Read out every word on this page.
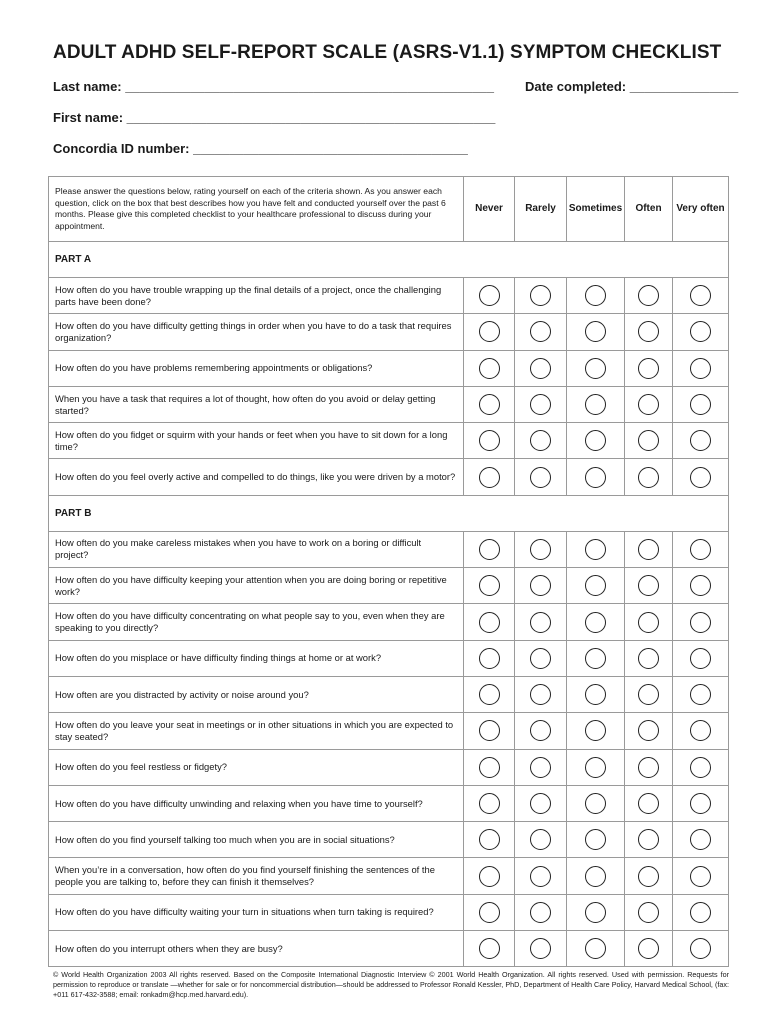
ADULT ADHD SELF-REPORT SCALE (ASRS-V1.1) SYMPTOM CHECKLIST
Last name: ___________________________________________________ Date completed: _______________
First name: ___________________________________________________
Concordia ID number: ______________________________________
Please answer the questions below, rating yourself on each of the criteria shown. As you answer each question, click on the box that best describes how you have felt and conducted yourself over the past 6 months. Please give this completed checklist to your healthcare professional to discuss during your appointment.	Never	Rarely	Sometimes	Often	Very often
PART A					
How often do you have trouble wrapping up the final details of a project, once the challenging parts have been done?					
How often do you have difficulty getting things in order when you have to do a task that requires organization?					
How often do you have problems remembering appointments or obligations?					
When you have a task that requires a lot of thought, how often do you avoid or delay getting started?					
How often do you fidget or squirm with your hands or feet when you have to sit down for a long time?					
How often do you feel overly active and compelled to do things, like you were driven by a motor?					
PART B					
How often do you make careless mistakes when you have to work on a boring or difficult project?					
How often do you have difficulty keeping your attention when you are doing boring or repetitive work?					
How often do you have difficulty concentrating on what people say to you, even when they are speaking to you directly?					
How often do you misplace or have difficulty finding things at home or at work?					
How often are you distracted by activity or noise around you?					
How often do you leave your seat in meetings or in other situations in which you are expected to stay seated?					
How often do you feel restless or fidgety?					
How often do you have difficulty unwinding and relaxing when you have time to yourself?					
How often do you find yourself talking too much when you are in social situations?					
When you’re in a conversation, how often do you find yourself finishing the sentences of the people you are talking to, before they can finish it themselves?					
How often do you have difficulty waiting your turn in situations when turn taking is required?					
How often do you interrupt others when they are busy?					
© World Health Organization 2003 All rights reserved. Based on the Composite International Diagnostic Interview © 2001 World Health Organization. All rights reserved. Used with permission. Requests for permission to reproduce or translate —whether for sale or for noncommercial distribution—should be addressed to Professor Ronald Kessler, PhD, Department of Health Care Policy, Harvard Medical School, (fax: +011 617-432-3588; email: ronkadm@hcp.med.harvard.edu).
